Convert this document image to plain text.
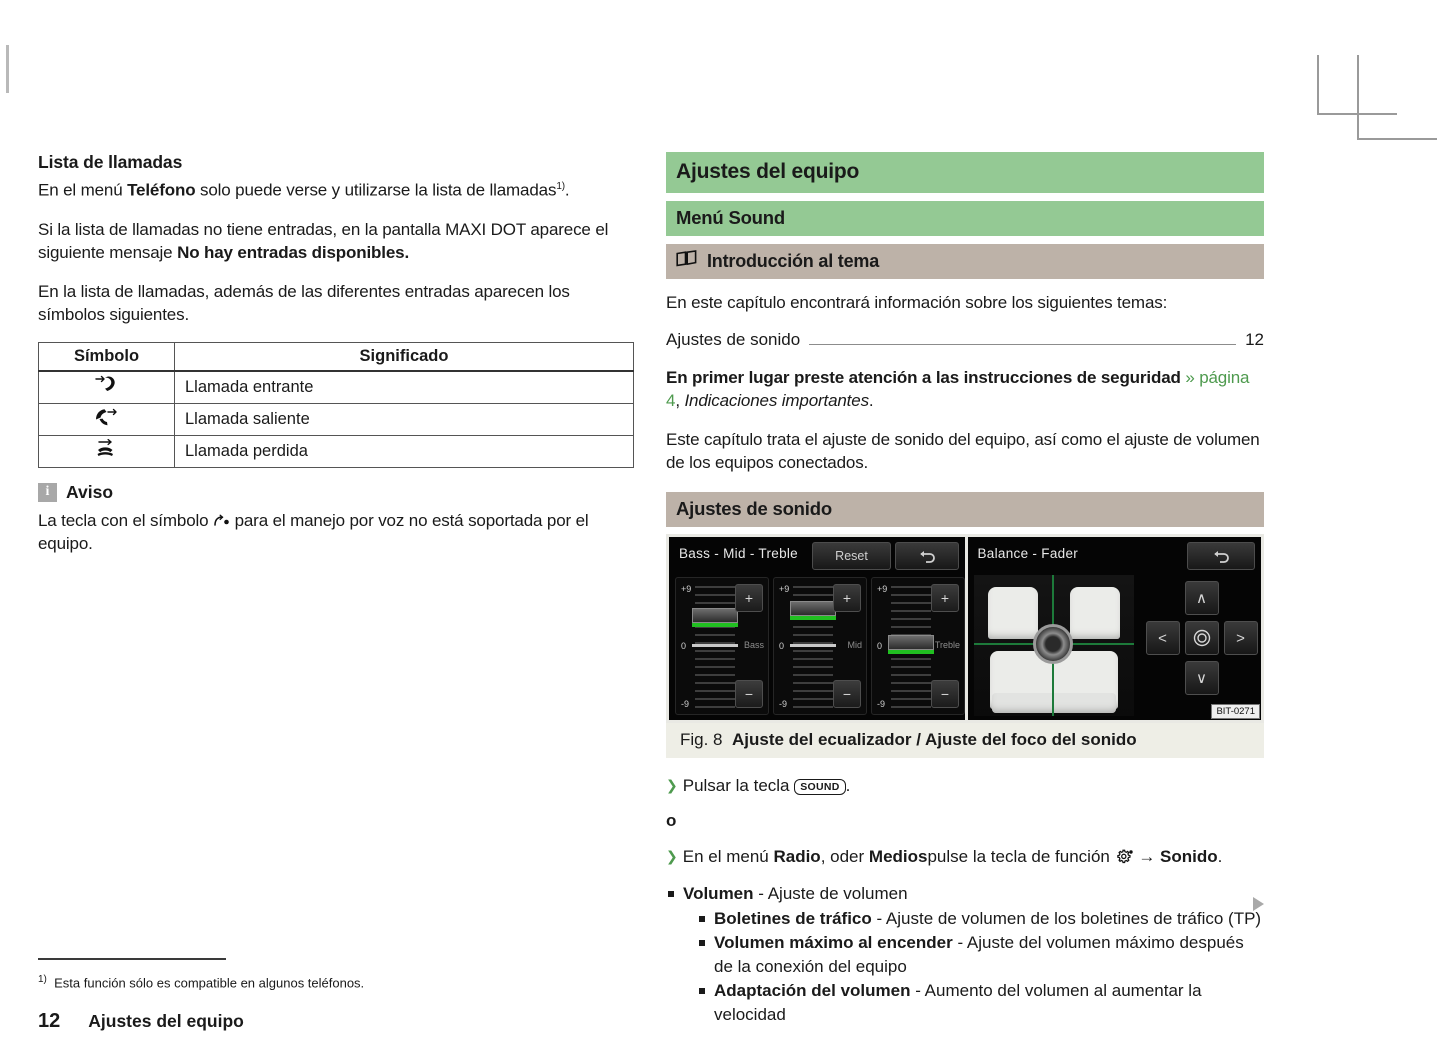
Lista de llamadas

En el menú Teléfono solo puede verse y utilizarse la lista de llamadas$^{1)}$.

Si la lista de llamadas no tiene entradas, en la pantalla MAXI DOT aparece el siguiente mensaje No hay entradas disponibles.

En la lista de llamadas, además de las diferentes entradas aparecen los símbolos siguientes.

Símbolo	Significado
	Llamada entrante
	Llamada saliente
	Llamada perdida
i Aviso

La tecla con el símbolo  para el manejo por voz no está soportada por el equipo.

Ajustes del equipo
Menú Sound
Introducción al tema

En este capítulo encontrará información sobre los siguientes temas:

Ajustes de sonido	12

En primer lugar preste atención a las instrucciones de seguridad » página 4, Indicaciones importantes.

Este capítulo trata el ajuste de sonido del equipo, así como el ajuste de volumen de los equipos conectados.

Ajustes de sonido
Bass - Mid - Treble	Reset
+9
0
-9
Bass
+
−
+9
0
-9
Mid
+
−
+9
0
-9
Treble
+
−
Balance - Fader
∧
<	>
∨
BIT-0271
Fig. 8 Ajuste del ecualizador / Ajuste del foco del sonido
❯ Pulsar la tecla SOUND .
o
❯ En el menú Radio, oder Mediospulse la tecla de función  → Sonido.
Volumen - Ajuste de volumen
Boletines de tráfico - Ajuste de volumen de los boletines de tráfico (TP)
Volumen máximo al encender - Ajuste del volumen máximo después de la conexión del equipo
Adaptación del volumen - Aumento del volumen al aumentar la velocidad
$^{1)}$ Esta función sólo es compatible en algunos teléfonos.
12 Ajustes del equipo
